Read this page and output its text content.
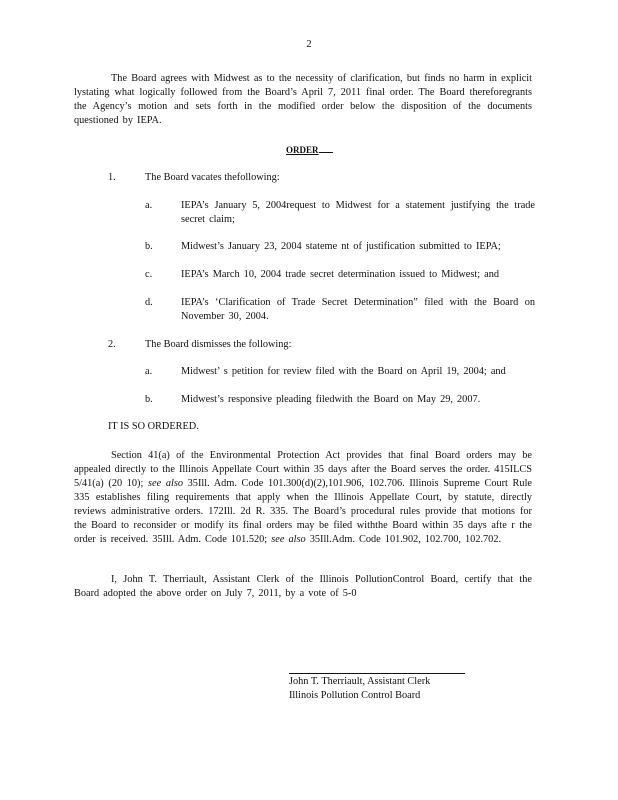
2
The Board agrees with Midwest as to the necessity of clarification, but finds no harm in explicit lystating what logically followed from the Board’s April 7, 2011 final order. The Board thereforegrants the Agency’s motion and sets forth in the modified order below the disposition of the documents questioned by IEPA.
ORDER
1.	The Board vacates thefollowing:
a.	IEPA’s January 5, 2004request to Midwest for a statement justifying the trade secret claim;
b.	Midwest’s January 23, 2004 stateme nt of justification submitted to IEPA;
c.	IEPA’s March 10, 2004 trade secret determination issued to Midwest; and
d.	IEPA’s ‘Clarification of Trade Secret Determination” filed with the Board on November 30, 2004.
2.	The Board dismisses the following:
a.	Midwest’ s petition for review filed with the Board on April 19, 2004; and
b.	Midwest’s responsive pleading filedwith the Board on May 29, 2007.
IT IS SO ORDERED.
Section 41(a) of the Environmental Protection Act provides that final Board orders may be appealed directly to the Illinois Appellate Court within 35 days after the Board serves the order. 415ILCS 5/41(a) (20 10); see also 35Ill. Adm. Code 101.300(d)(2),101.906, 102.706. Illinois Supreme Court Rule 335 establishes filing requirements that apply when the Illinois Appellate Court, by statute, directly reviews administrative orders. 172Ill. 2d R. 335. The Board’s procedural rules provide that motions for the Board to reconsider or modify its final orders may be filed withthe Board within 35 days afte r the order is received. 35Ill. Adm. Code 101.520; see also 35Ill.Adm. Code 101.902, 102.700, 102.702.
I, John T. Therriault, Assistant Clerk of the Illinois PollutionControl Board, certify that the Board adopted the above order on July 7, 2011, by a vote of 5-0
John T. Therriault, Assistant Clerk
Illinois Pollution Control Board
